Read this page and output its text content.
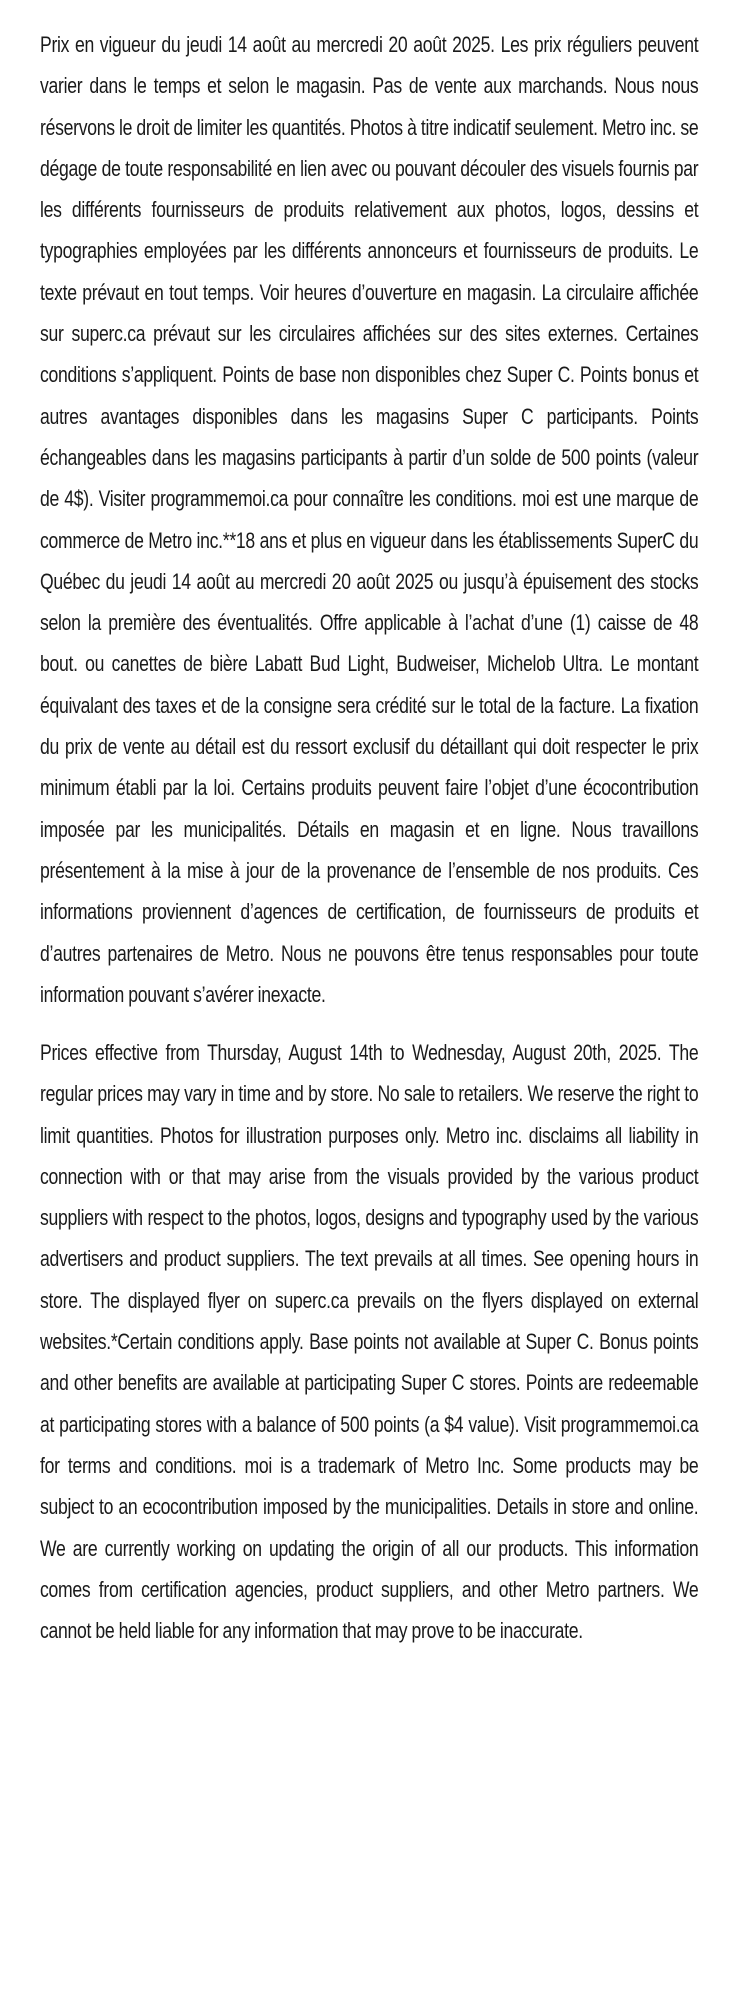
Prix en vigueur du jeudi 14 août au mercredi 20 août 2025. Les prix réguliers peuvent varier dans le temps et selon le magasin. Pas de vente aux marchands. Nous nous réservons le droit de limiter les quantités. Photos à titre indicatif seulement. Metro inc. se dégage de toute responsabilité en lien avec ou pouvant découler des visuels fournis par les différents fournisseurs de produits relativement aux photos, logos, dessins et typographies employées par les différents annonceurs et fournisseurs de produits. Le texte prévaut en tout temps. Voir heures d’ouverture en magasin. La circulaire affichée sur superc.ca prévaut sur les circulaires affichées sur des sites externes. Certaines conditions s’appliquent. Points de base non disponibles chez Super C. Points bonus et autres avantages disponibles dans les magasins Super C participants. Points échangeables dans les magasins participants à partir d’un solde de 500 points (valeur de 4$). Visiter programmemoi.ca pour connaître les conditions. moi est une marque de commerce de Metro inc.**18 ans et plus en vigueur dans les établissements SuperC du Québec du jeudi 14 août au mercredi 20 août 2025 ou jusqu’à épuisement des stocks selon la première des éventualités. Offre applicable à l’achat d’une (1) caisse de 48 bout. ou canettes de bière Labatt Bud Light, Budweiser, Michelob Ultra. Le montant équivalant des taxes et de la consigne sera crédité sur le total de la facture. La fixation du prix de vente au détail est du ressort exclusif du détaillant qui doit respecter le prix minimum établi par la loi. Certains produits peuvent faire l’objet d’une écocontribution imposée par les municipalités. Détails en magasin et en ligne. Nous travaillons présentement à la mise à jour de la provenance de l’ensemble de nos produits. Ces informations proviennent d’agences de certification, de fournisseurs de produits et d’autres partenaires de Metro. Nous ne pouvons être tenus responsables pour toute information pouvant s’avérer inexacte.

Prices effective from Thursday, August 14th to Wednesday, August 20th, 2025. The regular prices may vary in time and by store. No sale to retailers. We reserve the right to limit quantities. Photos for illustration purposes only. Metro inc. disclaims all liability in connection with or that may arise from the visuals provided by the various product suppliers with respect to the photos, logos, designs and typography used by the various advertisers and product suppliers. The text prevails at all times. See opening hours in store. The displayed flyer on superc.ca prevails on the flyers displayed on external websites.*Certain conditions apply. Base points not available at Super C. Bonus points and other benefits are available at participating Super C stores. Points are redeemable at participating stores with a balance of 500 points (a $4 value). Visit programmemoi.ca for terms and conditions. moi is a trademark of Metro Inc. Some products may be subject to an ecocontribution imposed by the municipalities. Details in store and online. We are currently working on updating the origin of all our products. This information comes from certification agencies, product suppliers, and other Metro partners. We cannot be held liable for any information that may prove to be inaccurate.
